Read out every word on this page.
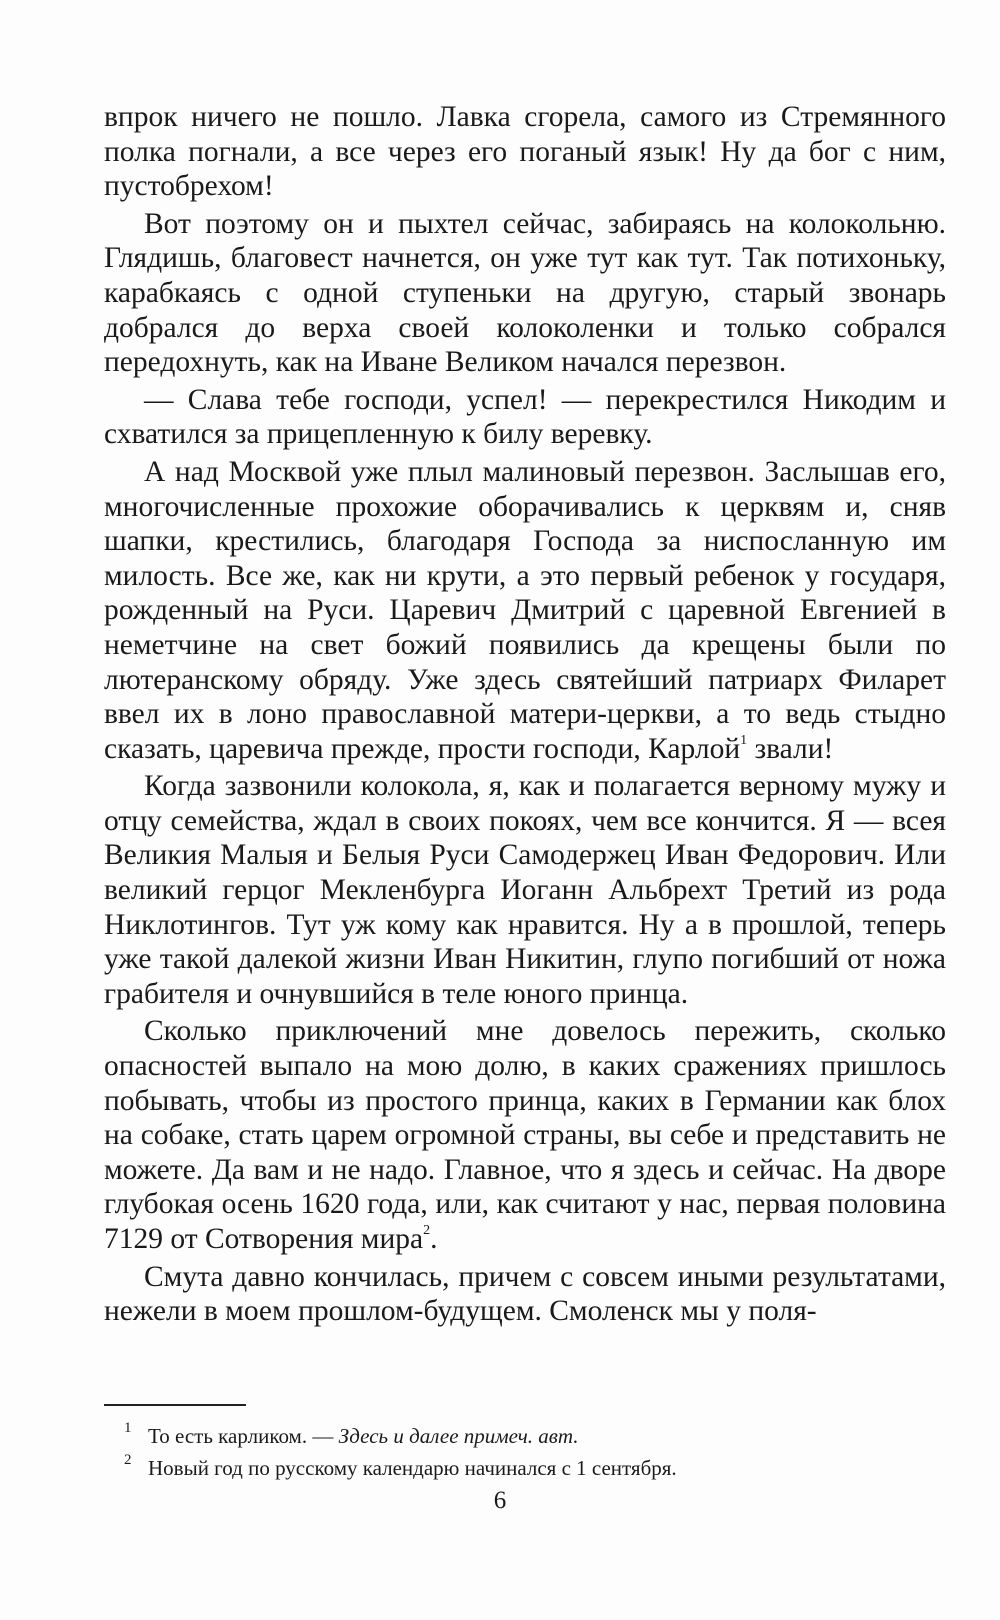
впрок ничего не пошло. Лавка сгорела, самого из Стремянного полка погнали, а все через его поганый язык! Ну да бог с ним, пустобрехом!

Вот поэтому он и пыхтел сейчас, забираясь на колокольню. Глядишь, благовест начнется, он уже тут как тут. Так потихоньку, карабкаясь с одной ступеньки на другую, старый звонарь добрался до верха своей колоколенки и только собрался передохнуть, как на Иване Великом начался перезвон.

— Слава тебе господи, успел! — перекрестился Никодим и схватился за прицепленную к билу веревку.

А над Москвой уже плыл малиновый перезвон. Заслышав его, многочисленные прохожие оборачивались к церквям и, сняв шапки, крестились, благодаря Господа за ниспосланную им милость. Все же, как ни крути, а это первый ребенок у государя, рожденный на Руси. Царевич Дмитрий с царевной Евгенией в неметчине на свет божий появились да крещены были по лютеранскому обряду. Уже здесь святейший патриарх Филарет ввел их в лоно православной матери-церкви, а то ведь стыдно сказать, царевича прежде, прости господи, Карлой$^1$ звали!

Когда зазвонили колокола, я, как и полагается верному мужу и отцу семейства, ждал в своих покоях, чем все кончится. Я — всея Великия Малыя и Белыя Руси Самодержец Иван Федорович. Или великий герцог Мекленбурга Иоганн Альбрехт Третий из рода Никлотингов. Тут уж кому как нравится. Ну а в прошлой, теперь уже такой далекой жизни Иван Никитин, глупо погибший от ножа грабителя и очнувшийся в теле юного принца.

Сколько приключений мне довелось пережить, сколько опасностей выпало на мою долю, в каких сражениях пришлось побывать, чтобы из простого принца, каких в Германии как блох на собаке, стать царем огромной страны, вы себе и представить не можете. Да вам и не надо. Главное, что я здесь и сейчас. На дворе глубокая осень 1620 года, или, как считают у нас, первая половина 7129 от Сотворения мира$^2$.

Смута давно кончилась, причем с совсем иными результатами, нежели в моем прошлом-будущем. Смоленск мы у поля-

1 То есть карликом. — Здесь и далее примеч. авт.

2 Новый год по русскому календарю начинался с 1 сентября.

6
